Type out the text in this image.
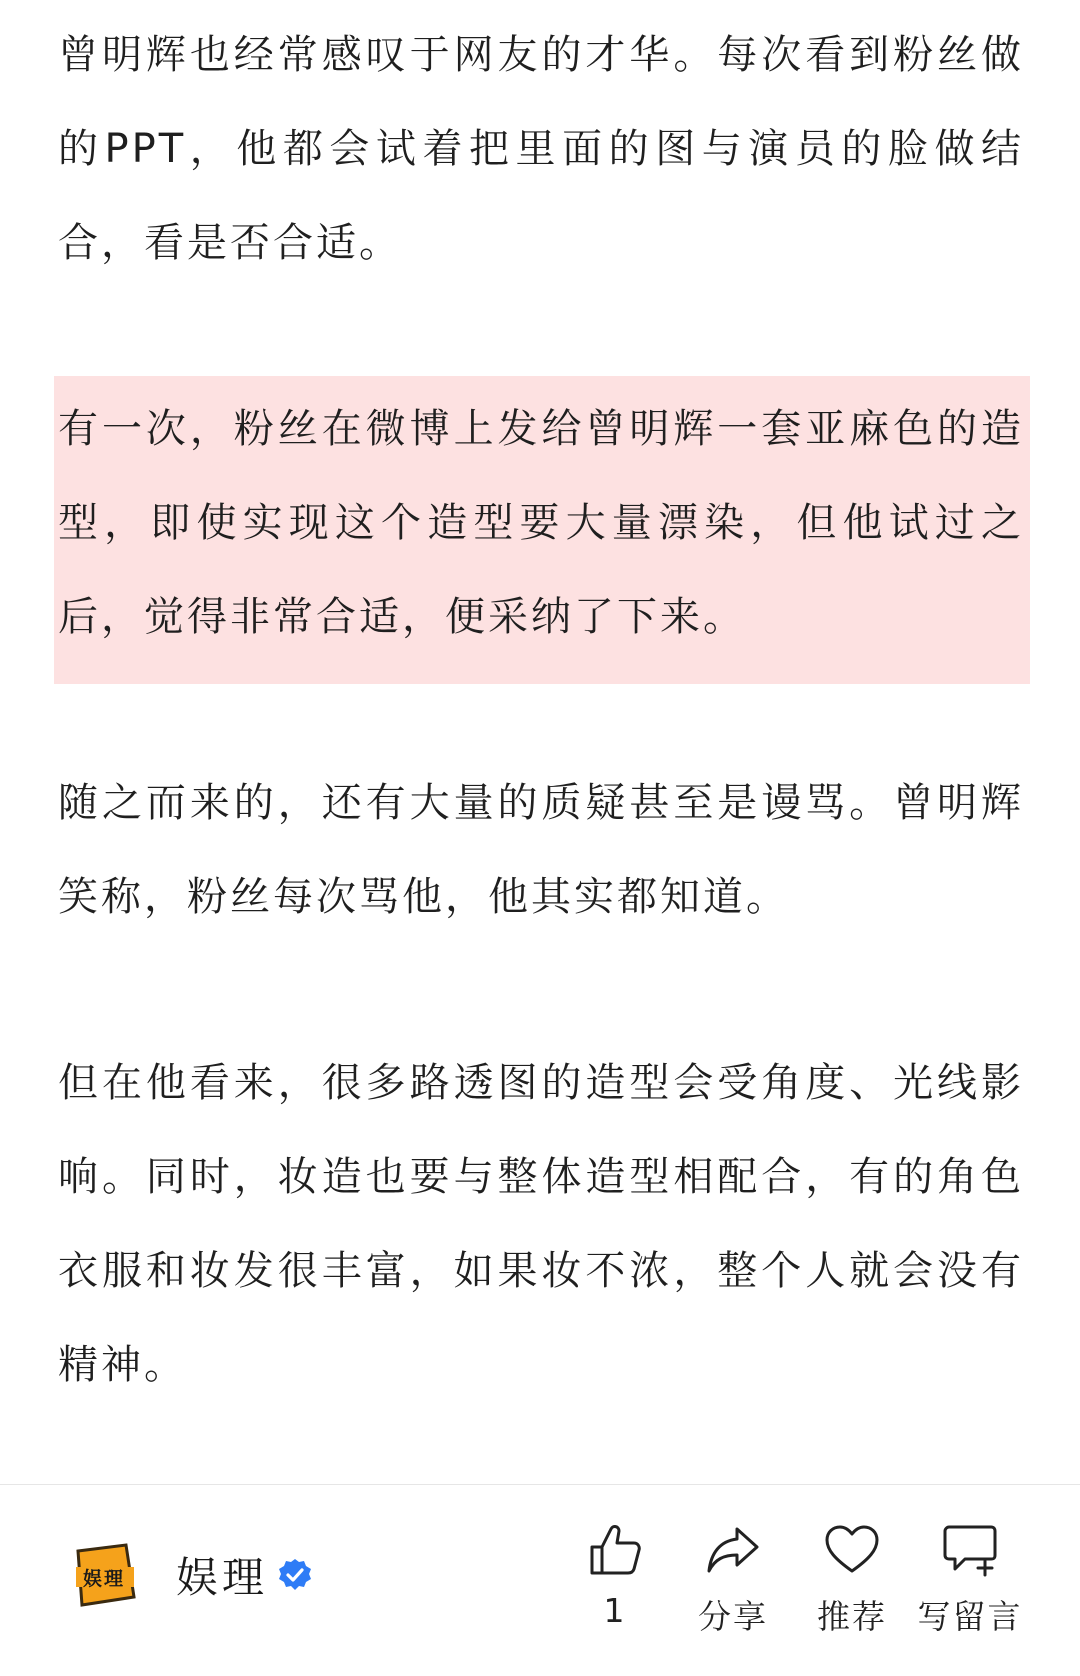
曾明辉也经常感叹于网友的才华。每次看到粉丝做的PPT，他都会试着把里面的图与演员的脸做结合，看是否合适。

有一次，粉丝在微博上发给曾明辉一套亚麻色的造型，即使实现这个造型要大量漂染，但他试过之后，觉得非常合适，便采纳了下来。

随之而来的，还有大量的质疑甚至是谩骂。曾明辉笑称，粉丝每次骂他，他其实都知道。

但在他看来，很多路透图的造型会受角度、光线影响。同时，妆造也要与整体造型相配合，有的角色衣服和妆发很丰富，如果妆不浓，整个人就会没有精神。

娱理 娱理
1	分享	推荐 写留言
